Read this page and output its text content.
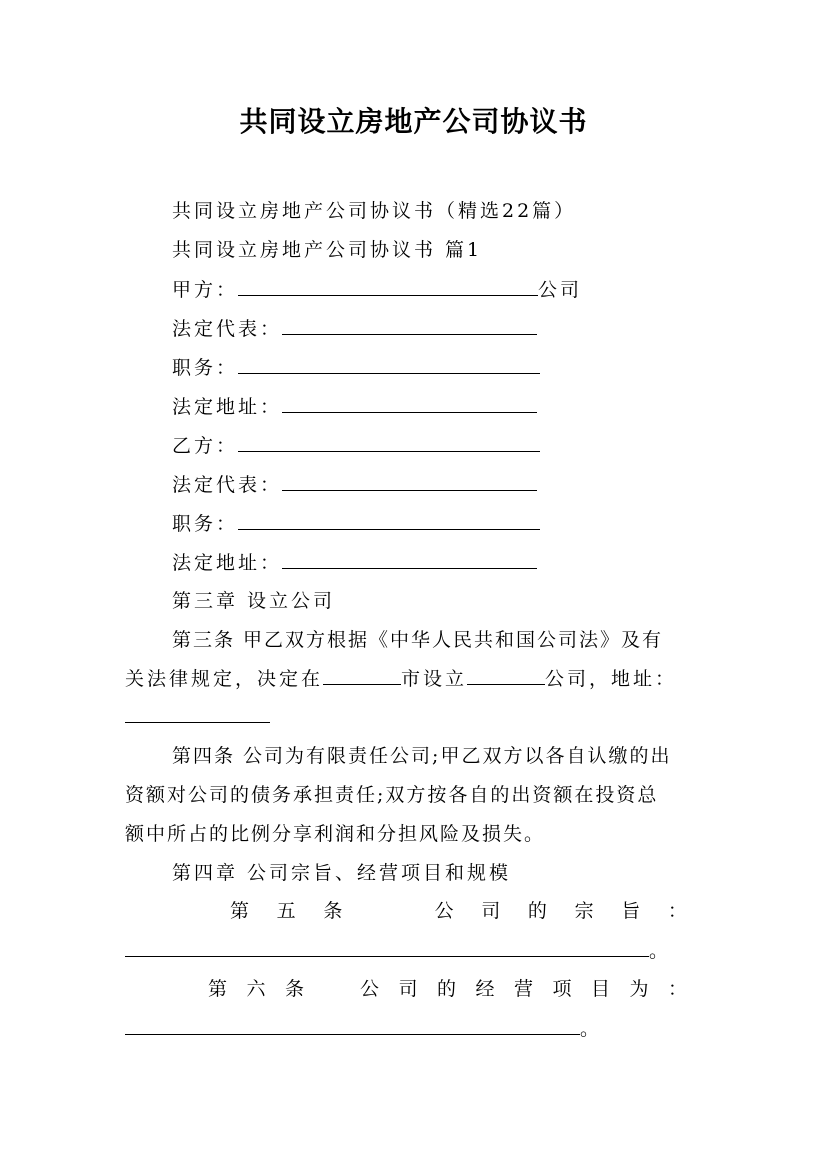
共同设立房地产公司协议书
共同设立房地产公司协议书（精选22篇）
共同设立房地产公司协议书 篇1
甲方：	公司
法定代表：
职务：
法定地址：
乙方：
法定代表：
职务：
法定地址：
第三章 设立公司
第三条 甲乙双方根据《中华人民共和国公司法》及有
关法律规定，决定在	市设立	公司，地址：
第四条 公司为有限责任公司;甲乙双方以各自认缴的出
资额对公司的债务承担责任;双方按各自的出资额在投资总
额中所占的比例分享利润和分担风险及损失。
第四章 公司宗旨、经营项目和规模
第 五 条	公 司 的 宗 旨 ：
。
第 六 条	公 司 的 经 营 项 目 为 ：
。
